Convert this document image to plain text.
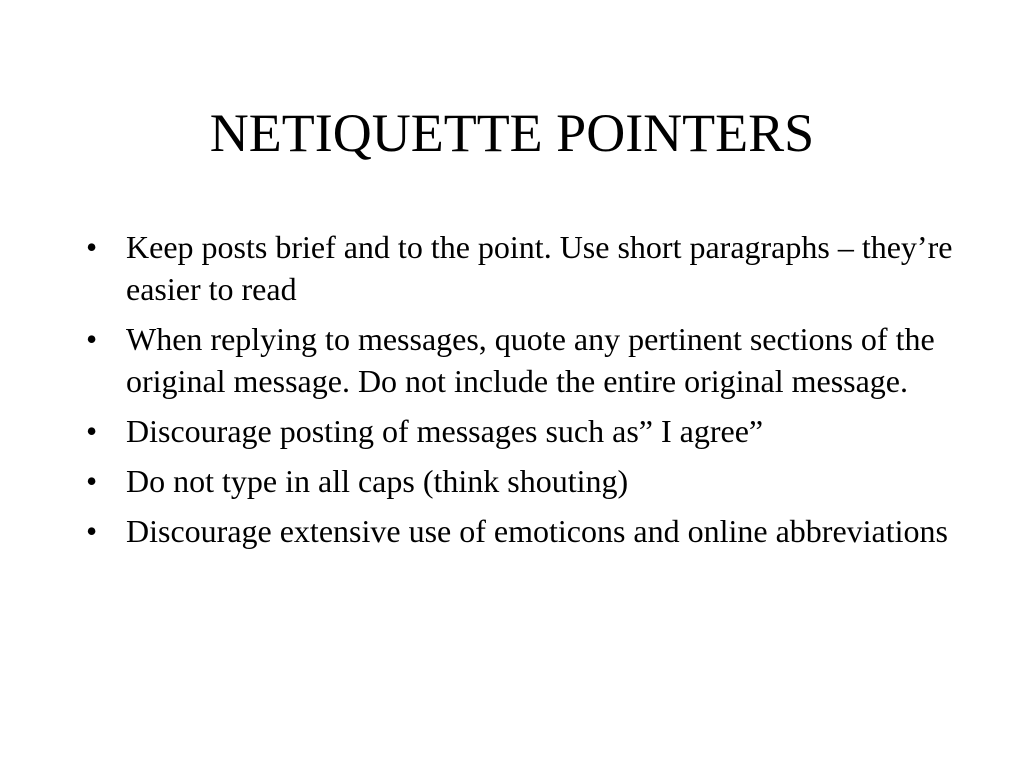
NETIQUETTE POINTERS
• Keep posts brief and to the point. Use short paragraphs – they’re easier to read
• When replying to messages, quote any pertinent sections of the original message. Do not include the entire original message.
• Discourage posting of messages such as” I agree”
• Do not type in all caps (think shouting)
• Discourage extensive use of emoticons and online abbreviations
